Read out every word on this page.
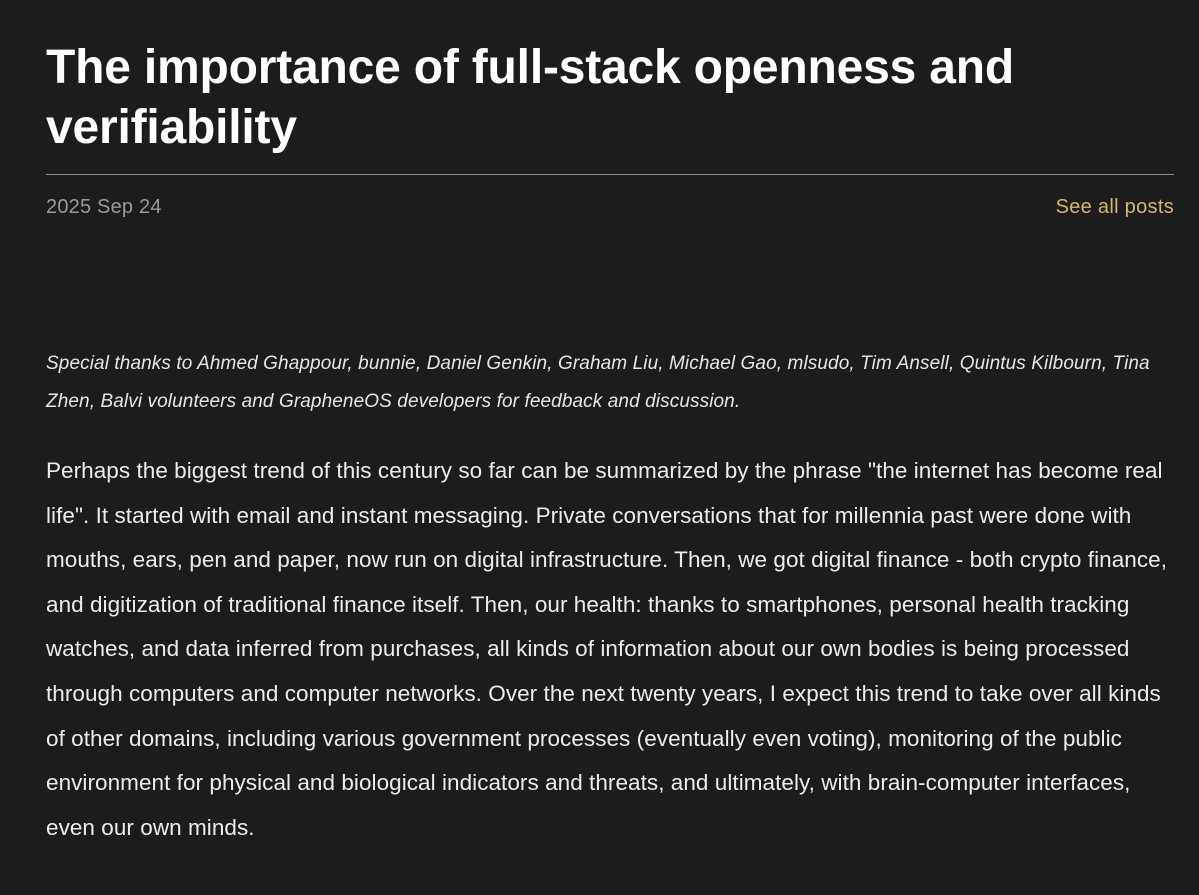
The importance of full-stack openness and verifiability
2025 Sep 24	See all posts

Special thanks to Ahmed Ghappour, bunnie, Daniel Genkin, Graham Liu, Michael Gao, mlsudo, Tim Ansell, Quintus Kilbourn, Tina Zhen, Balvi volunteers and GrapheneOS developers for feedback and discussion.

Perhaps the biggest trend of this century so far can be summarized by the phrase "the internet has become real life". It started with email and instant messaging. Private conversations that for millennia past were done with mouths, ears, pen and paper, now run on digital infrastructure. Then, we got digital finance - both crypto finance, and digitization of traditional finance itself. Then, our health: thanks to smartphones, personal health tracking watches, and data inferred from purchases, all kinds of information about our own bodies is being processed through computers and computer networks. Over the next twenty years, I expect this trend to take over all kinds of other domains, including various government processes (eventually even voting), monitoring of the public environment for physical and biological indicators and threats, and ultimately, with brain-computer interfaces, even our own minds.
